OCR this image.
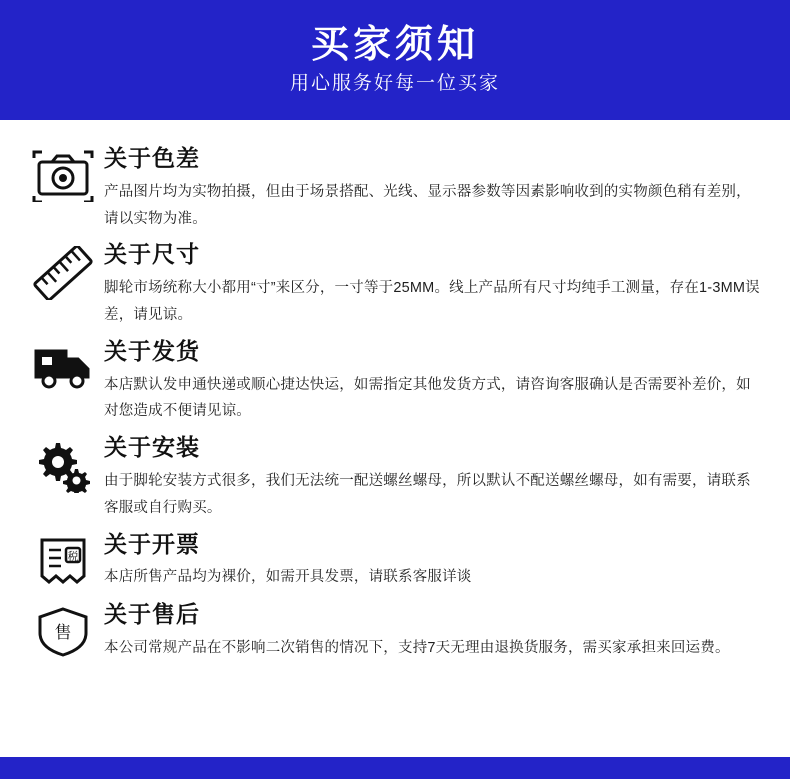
买家须知
用心服务好每一位买家
关于色差
产品图片均为实物拍摄，但由于场景搭配、光线、显示器参数等因素影响收到的实物颜色稍有差别，请以实物为准。
关于尺寸
脚轮市场统称大小都用“寸”来区分，一寸等于25MM。线上产品所有尺寸均纯手工测量，存在1-3MM误差，请见谅。
关于发货
本店默认发申通快递或顺心捷达快运，如需指定其他发货方式，请咨询客服确认是否需要补差价，如对您造成不便请见谅。
关于安装
由于脚轮安装方式很多，我们无法统一配送螺丝螺母，所以默认不配送螺丝螺母，如有需要，请联系客服或自行购买。
税 关于开票
本店所售产品均为裸价，如需开具发票，请联系客服详谈
售
关于售后
本公司常规产品在不影响二次销售的情况下，支持7天无理由退换货服务，需买家承担来回运费。
